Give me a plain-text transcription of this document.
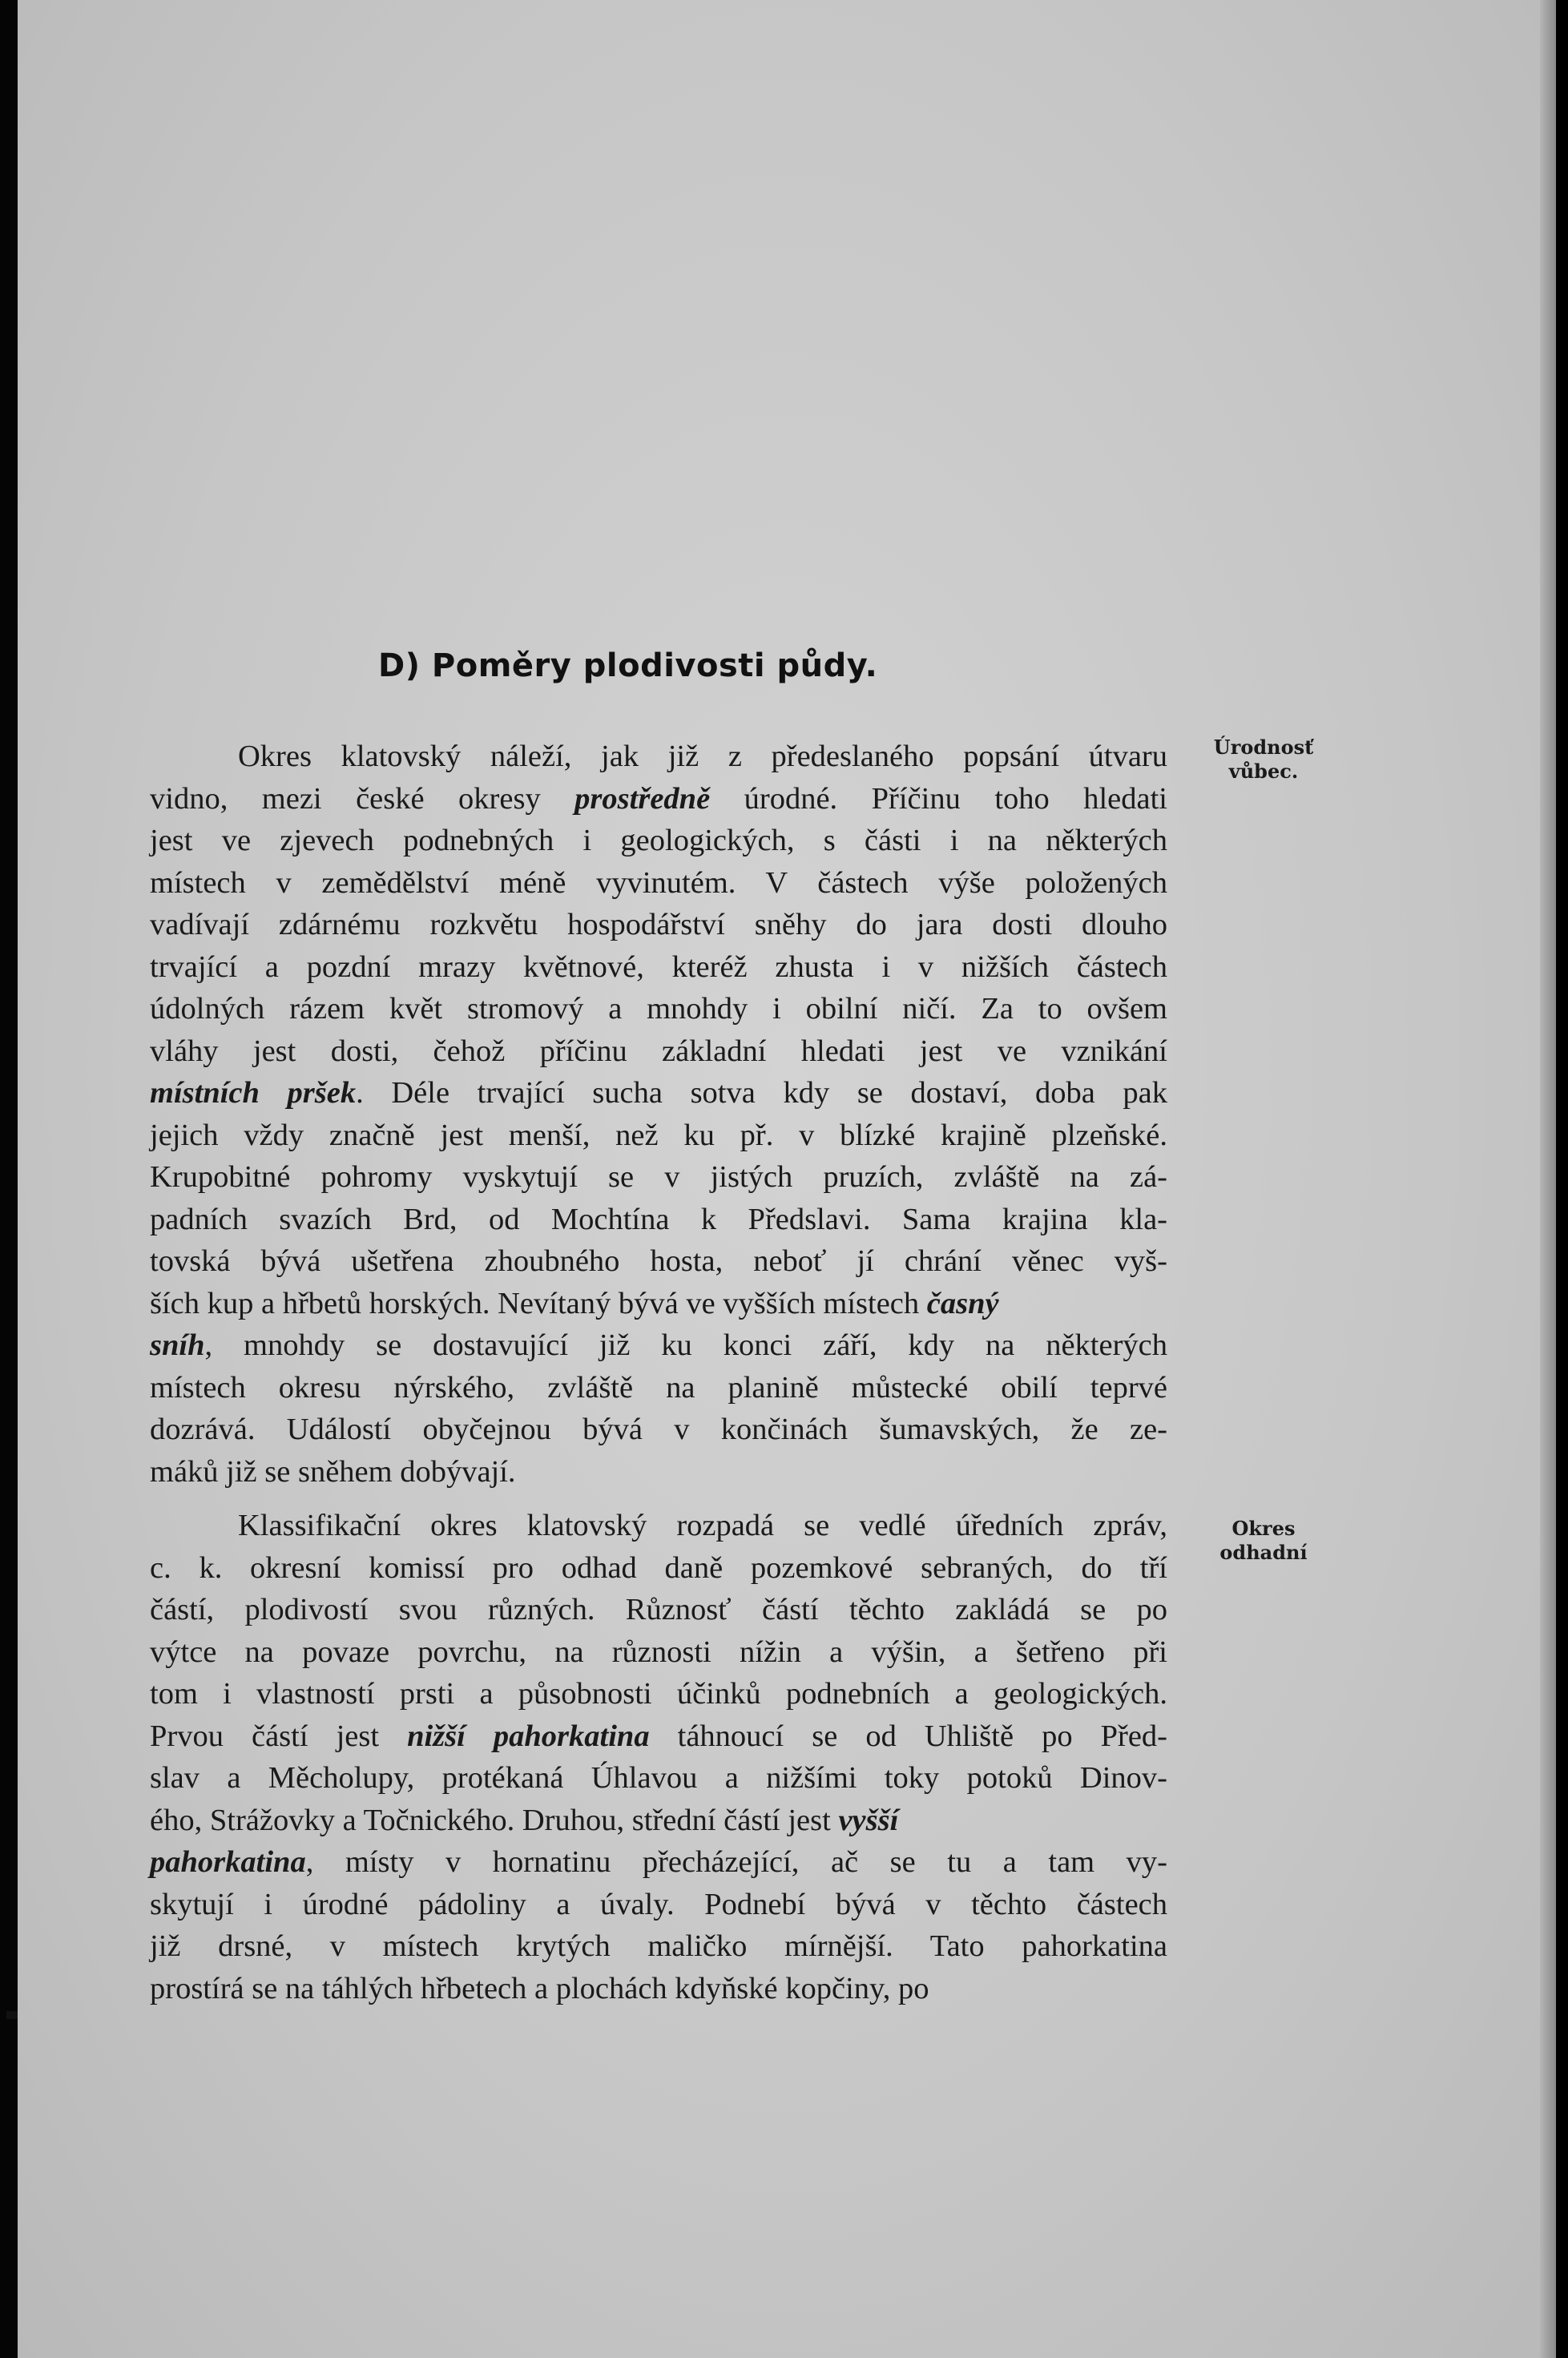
D) Poměry plodivosti půdy.
Okres klatovský náleží, jak již z předeslaného popsání útvaru
vidno, mezi české okresy prostředně úrodné. Příčinu toho hledati
jest ve zjevech podnebných i geologických, s části i na některých
místech v zemědělství méně vyvinutém. V částech výše položených
vadívají zdárnému rozkvětu hospodářství sněhy do jara dosti dlouho
trvající a pozdní mrazy květnové, kteréž zhusta i v nižších částech
údolných rázem květ stromový a mnohdy i obilní ničí. Za to ovšem
vláhy jest dosti, čehož příčinu základní hledati jest ve vznikání
místních pršek. Déle trvající sucha sotva kdy se dostaví, doba pak
jejich vždy značně jest menší, než ku př. v blízké krajině plzeňské.
Krupobitné pohromy vyskytují se v jistých pruzích, zvláště na zá-
padních svazích Brd, od Mochtína k Předslavi. Sama krajina kla-
tovská bývá ušetřena zhoubného hosta, neboť jí chrání věnec vyš-
ších kup a hřbetů horských. Nevítaný bývá ve vyšších místech časný
sníh, mnohdy se dostavující již ku konci září, kdy na některých
místech okresu nýrského, zvláště na planině můstecké obilí teprvé
dozrává. Událostí obyčejnou bývá v končinách šumavských, že ze-
máků již se sněhem dobývají.
Úrodnosť
vůbec.
Klassifikační okres klatovský rozpadá se vedlé úředních zpráv,
c. k. okresní komissí pro odhad daně pozemkové sebraných, do tří
částí, plodivostí svou různých. Různosť částí těchto zakládá se po
výtce na povaze povrchu, na různosti nížin a výšin, a šetřeno při
tom i vlastností prsti a působnosti účinků podnebních a geologických.
Prvou částí jest nižší pahorkatina táhnoucí se od Uhliště po Před-
slav a Měcholupy, protékaná Úhlavou a nižšími toky potoků Dinov-
ého, Strážovky a Točnického. Druhou, střední částí jest vyšší
pahorkatina, místy v hornatinu přecházející, ač se tu a tam vy-
skytují i úrodné pádoliny a úvaly. Podnebí bývá v těchto částech
již drsné, v místech krytých maličko mírnější. Tato pahorkatina
prostírá se na táhlých hřbetech a plochách kdyňské kopčiny, po
Okres
odhadní
